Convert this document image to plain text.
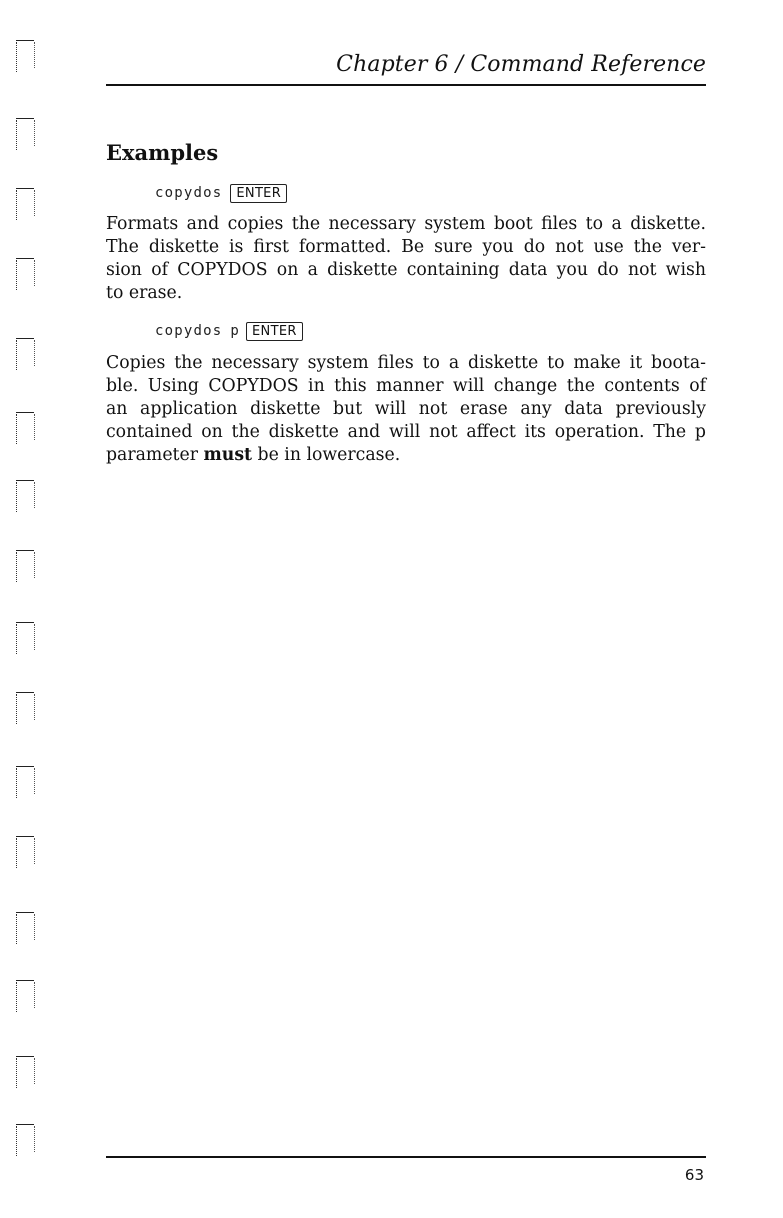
Chapter 6 / Command Reference
Examples
copydos	ENTER
Formats and copies the necessary system boot files to a diskette.
The diskette is first formatted. Be sure you do not use the ver-
sion of COPYDOS on a diskette containing data you do not wish
to erase.
copydos p ENTER
Copies the necessary system files to a diskette to make it boota-
ble. Using COPYDOS in this manner will change the contents of
an application diskette but will not erase any data previously
contained on the diskette and will not affect its operation. The p
parameter must be in lowercase.
63
